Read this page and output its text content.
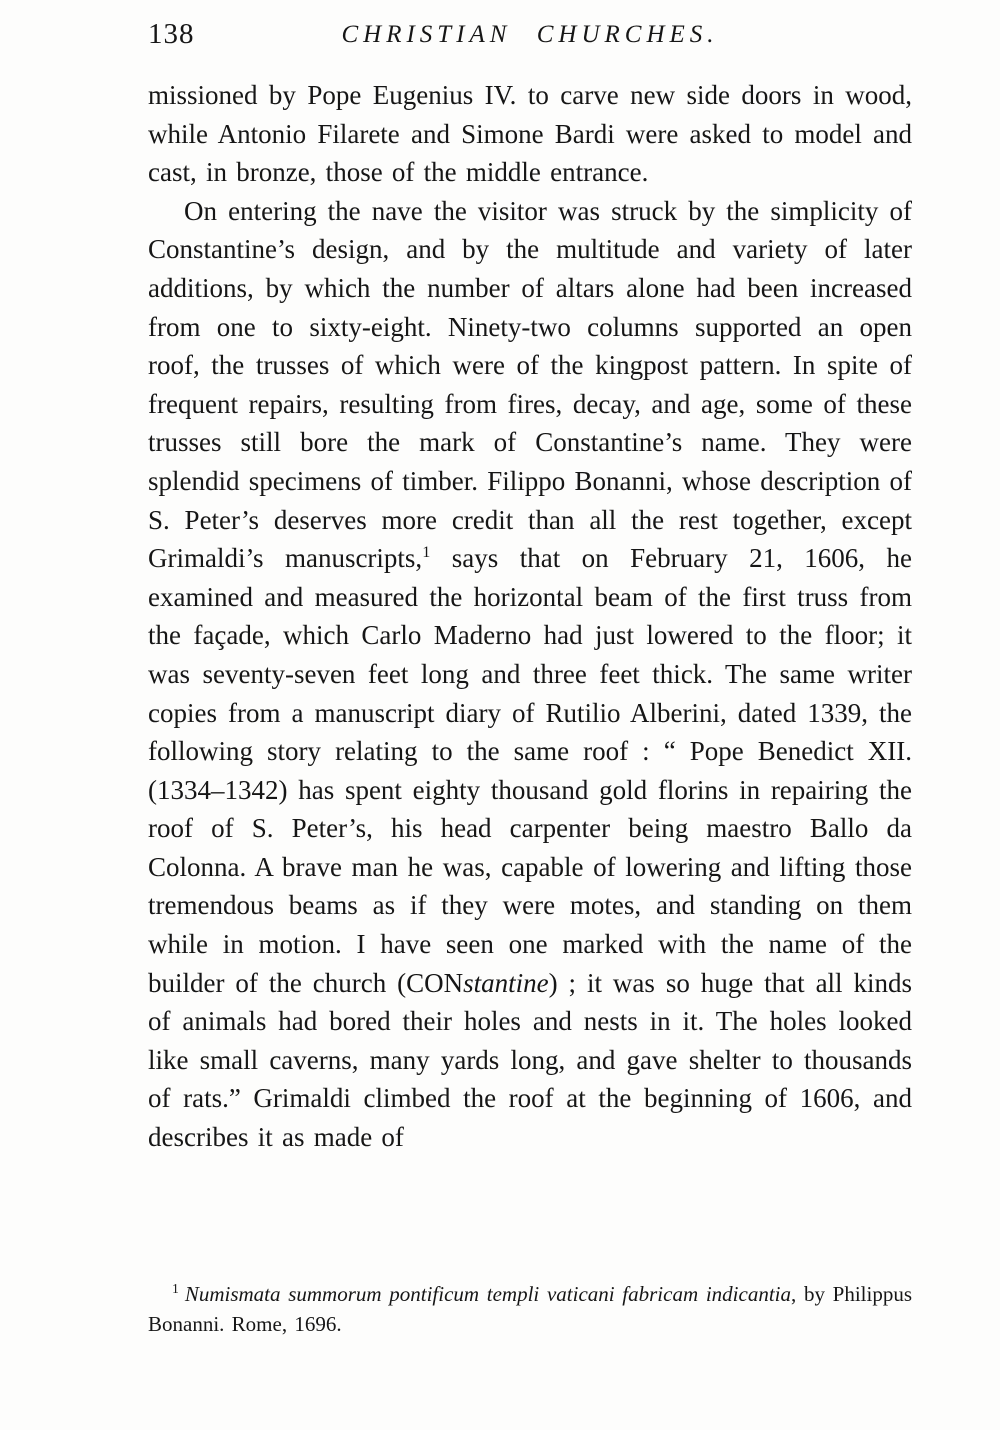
138	CHRISTIAN CHURCHES.

missioned by Pope Eugenius IV. to carve new side doors in wood, while Antonio Filarete and Simone Bardi were asked to model and cast, in bronze, those of the middle entrance.

On entering the nave the visitor was struck by the simplicity of Constantine’s design, and by the multitude and variety of later additions, by which the number of altars alone had been increased from one to sixty-eight. Ninety-two columns supported an open roof, the trusses of which were of the kingpost pattern. In spite of frequent repairs, resulting from fires, decay, and age, some of these trusses still bore the mark of Constantine’s name. They were splendid specimens of timber. Filippo Bonanni, whose description of S. Peter’s deserves more credit than all the rest together, except Grimaldi’s manuscripts,$^1$ says that on February 21, 1606, he examined and measured the horizontal beam of the first truss from the façade, which Carlo Maderno had just lowered to the floor; it was seventy-seven feet long and three feet thick. The same writer copies from a manuscript diary of Rutilio Alberini, dated 1339, the following story relating to the same roof : “ Pope Benedict XII. (1334–1342) has spent eighty thousand gold florins in repairing the roof of S. Peter’s, his head carpenter being maestro Ballo da Colonna. A brave man he was, capable of lowering and lifting those tremendous beams as if they were motes, and standing on them while in motion. I have seen one marked with the name of the builder of the church (CONstantine) ; it was so huge that all kinds of animals had bored their holes and nests in it. The holes looked like small caverns, many yards long, and gave shelter to thousands of rats.” Grimaldi climbed the roof at the beginning of 1606, and describes it as made of

$^1$ Numismata summorum pontificum templi vaticani fabricam indicantia, by Philippus Bonanni. Rome, 1696.
